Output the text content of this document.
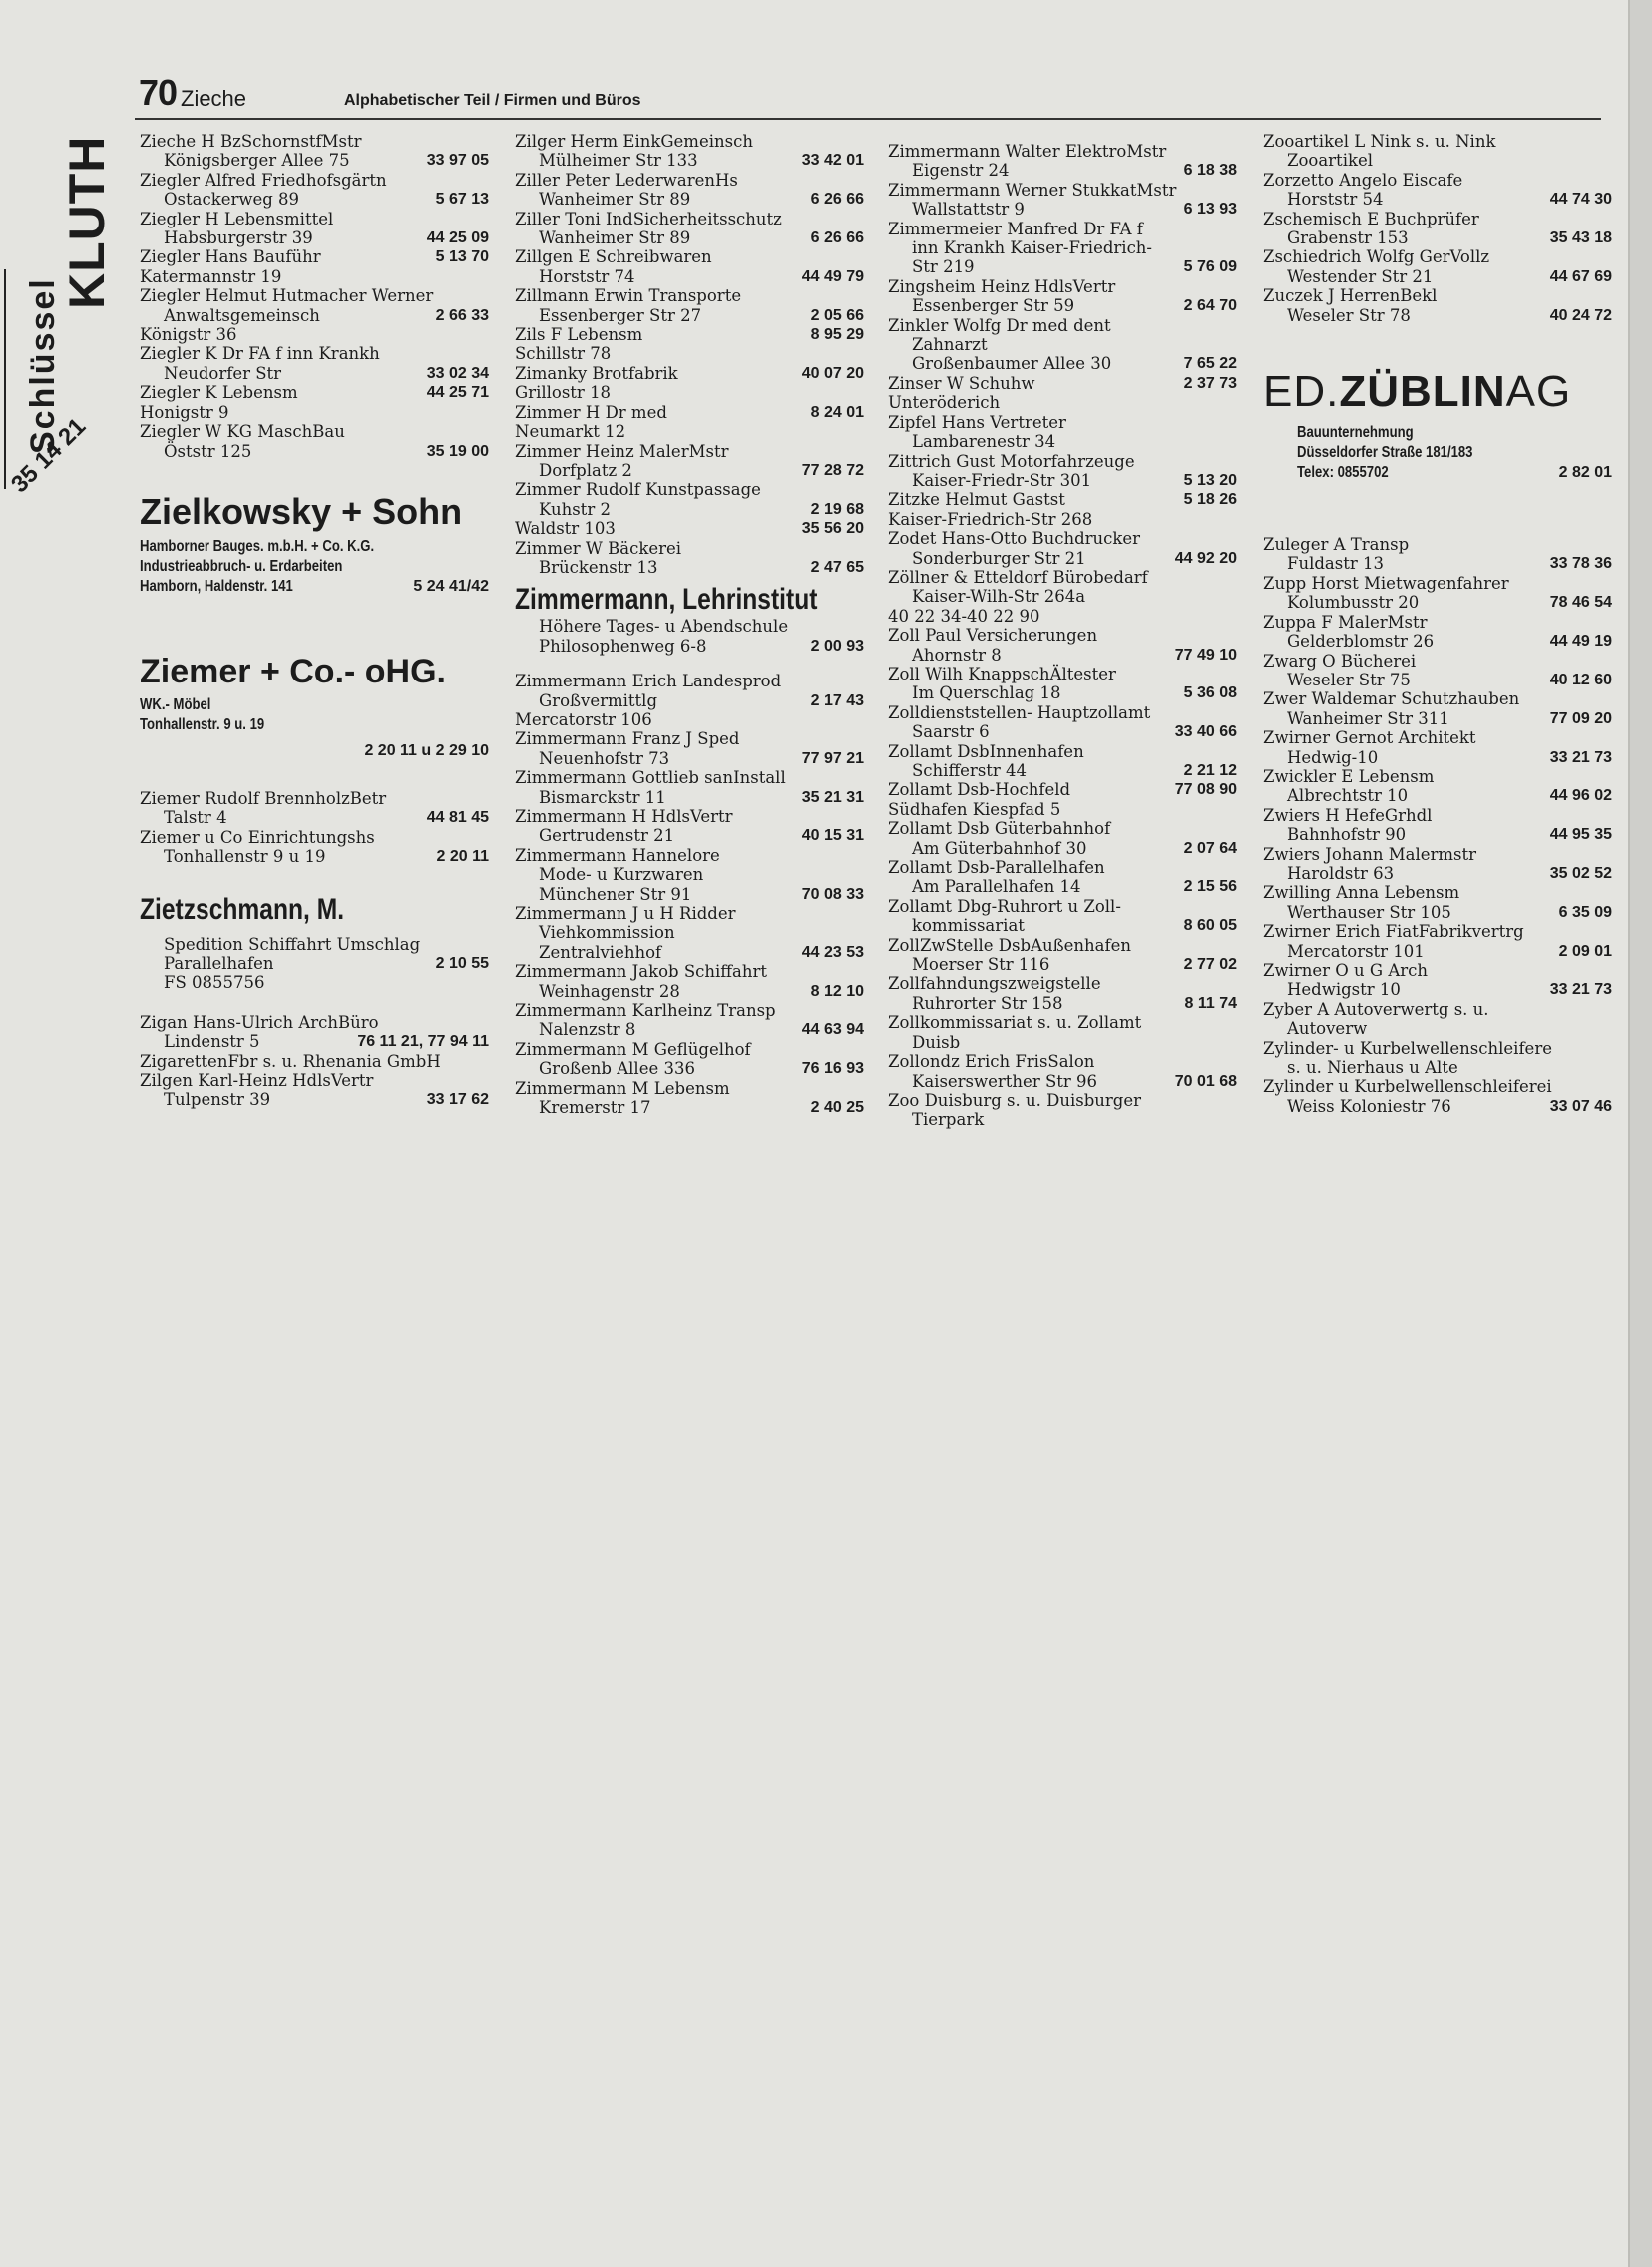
70 Zieche	Alphabetischer Teil / Firmen und Büros
KLUTH
Schlüssel
35 14 21
Zieche H BzSchornstfMstr
Königsberger Allee 75	33 97 05
Ziegler Alfred Friedhofsgärtn
Ostackerweg 89	5 67 13
Ziegler H Lebensmittel
Habsburgerstr 39	44 25 09
Ziegler Hans Bauführ	5 13 70
Katermannstr 19
Ziegler Helmut Hutmacher Werner
Anwaltsgemeinsch	2 66 33
Königstr 36
Ziegler K Dr FA f inn Krankh
Neudorfer Str	33 02 34
Ziegler K Lebensm	44 25 71
Honigstr 9
Ziegler W KG MaschBau
Öststr 125	35 19 00
Zielkowsky + Sohn
Hamborner Bauges. m.b.H. + Co. K.G.
Industrieabbruch- u. Erdarbeiten
Hamborn, Haldenstr. 141	5 24 41/42
Ziemer + Co.- oHG.
WK.- Möbel
Tonhallenstr. 9 u. 19
2 20 11 u 2 29 10
Ziemer Rudolf BrennholzBetr
Talstr 4	44 81 45
Ziemer u Co Einrichtungshs
Tonhallenstr 9 u 19	2 20 11
Zietzschmann, M.
Spedition Schiffahrt Umschlag
Parallelhafen	2 10 55
FS 0855756
Zigan Hans-Ulrich ArchBüro
Lindenstr 5	76 11 21, 77 94 11
ZigarettenFbr s. u. Rhenania GmbH
Zilgen Karl-Heinz HdlsVertr
Tulpenstr 39	33 17 62
Zilger Herm EinkGemeinsch
Mülheimer Str 133	33 42 01
Ziller Peter LederwarenHs
Wanheimer Str 89	6 26 66
Ziller Toni IndSicherheitsschutz
Wanheimer Str 89	6 26 66
Zillgen E Schreibwaren
Horststr 74	44 49 79
Zillmann Erwin Transporte
Essenberger Str 27	2 05 66
Zils F Lebensm	8 95 29
Schillstr 78
Zimanky Brotfabrik	40 07 20
Grillostr 18
Zimmer H Dr med	8 24 01
Neumarkt 12
Zimmer Heinz MalerMstr
Dorfplatz 2	77 28 72
Zimmer Rudolf Kunstpassage
Kuhstr 2	2 19 68
Waldstr 103	35 56 20
Zimmer W Bäckerei
Brückenstr 13	2 47 65
Zimmermann, Lehrinstitut
Höhere Tages- u Abendschule
Philosophenweg 6-8	2 00 93
Zimmermann Erich Landesprod
Großvermittlg	2 17 43
Mercatorstr 106
Zimmermann Franz J Sped
Neuenhofstr 73	77 97 21
Zimmermann Gottlieb sanInstall
Bismarckstr 11	35 21 31
Zimmermann H HdlsVertr
Gertrudenstr 21	40 15 31
Zimmermann Hannelore
Mode- u Kurzwaren
Münchener Str 91	70 08 33
Zimmermann J u H Ridder
Viehkommission
Zentralviehhof	44 23 53
Zimmermann Jakob Schiffahrt
Weinhagenstr 28	8 12 10
Zimmermann Karlheinz Transp
Nalenzstr 8	44 63 94
Zimmermann M Geflügelhof
Großenb Allee 336	76 16 93
Zimmermann M Lebensm
Kremerstr 17	2 40 25
Zimmermann Walter ElektroMstr
Eigenstr 24	6 18 38
Zimmermann Werner StukkatMstr
Wallstattstr 9	6 13 93
Zimmermeier Manfred Dr FA f
inn Krankh Kaiser-Friedrich-
Str 219	5 76 09
Zingsheim Heinz HdlsVertr
Essenberger Str 59	2 64 70
Zinkler Wolfg Dr med dent
Zahnarzt
Großenbaumer Allee 30	7 65 22
Zinser W Schuhw	2 37 73
Unteröderich
Zipfel Hans Vertreter
Lambarenestr 34
Zittrich Gust Motorfahrzeuge
Kaiser-Friedr-Str 301	5 13 20
Zitzke Helmut Gastst	5 18 26
Kaiser-Friedrich-Str 268
Zodet Hans-Otto Buchdrucker
Sonderburger Str 21	44 92 20
Zöllner & Etteldorf Bürobedarf
Kaiser-Wilh-Str 264a
40 22 34-40 22 90
Zoll Paul Versicherungen
Ahornstr 8	77 49 10
Zoll Wilh KnappschÄltester
Im Querschlag 18	5 36 08
Zolldienststellen- Hauptzollamt
Saarstr 6	33 40 66
Zollamt DsbInnenhafen
Schifferstr 44	2 21 12
Zollamt Dsb-Hochfeld	77 08 90
Südhafen Kiespfad 5
Zollamt Dsb Güterbahnhof
Am Güterbahnhof 30	2 07 64
Zollamt Dsb-Parallelhafen
Am Parallelhafen 14	2 15 56
Zollamt Dbg-Ruhrort u Zoll-
kommissariat	8 60 05
ZollZwStelle DsbAußenhafen
Moerser Str 116	2 77 02
Zollfahndungszweigstelle
Ruhrorter Str 158	8 11 74
Zollkommissariat s. u. Zollamt
Duisb
Zollondz Erich FrisSalon
Kaiserswerther Str 96	70 01 68
Zoo Duisburg s. u. Duisburger
Tierpark
Zooartikel L Nink s. u. Nink
Zooartikel
Zorzetto Angelo Eiscafe
Horststr 54	44 74 30
Zschemisch E Buchprüfer
Grabenstr 153	35 43 18
Zschiedrich Wolfg GerVollz
Westender Str 21	44 67 69
Zuczek J HerrenBekl
Weseler Str 78	40 24 72
ED.ZÜBLINAG
Bauunternehmung
Düsseldorfer Straße 181/183
Telex: 0855702	2 82 01
Zuleger A Transp
Fuldastr 13	33 78 36
Zupp Horst Mietwagenfahrer
Kolumbusstr 20	78 46 54
Zuppa F MalerMstr
Gelderblomstr 26	44 49 19
Zwarg O Bücherei
Weseler Str 75	40 12 60
Zwer Waldemar Schutzhauben
Wanheimer Str 311	77 09 20
Zwirner Gernot Architekt
Hedwig-10	33 21 73
Zwickler E Lebensm
Albrechtstr 10	44 96 02
Zwiers H HefeGrhdl
Bahnhofstr 90	44 95 35
Zwiers Johann Malermstr
Haroldstr 63	35 02 52
Zwilling Anna Lebensm
Werthauser Str 105	6 35 09
Zwirner Erich FiatFabrikvertrg
Mercatorstr 101	2 09 01
Zwirner O u G Arch
Hedwigstr 10	33 21 73
Zyber A Autoverwertg s. u.
Autoverw
Zylinder- u Kurbelwellenschleifere
s. u. Nierhaus u Alte
Zylinder u Kurbelwellenschleiferei
Weiss Koloniestr 76	33 07 46
